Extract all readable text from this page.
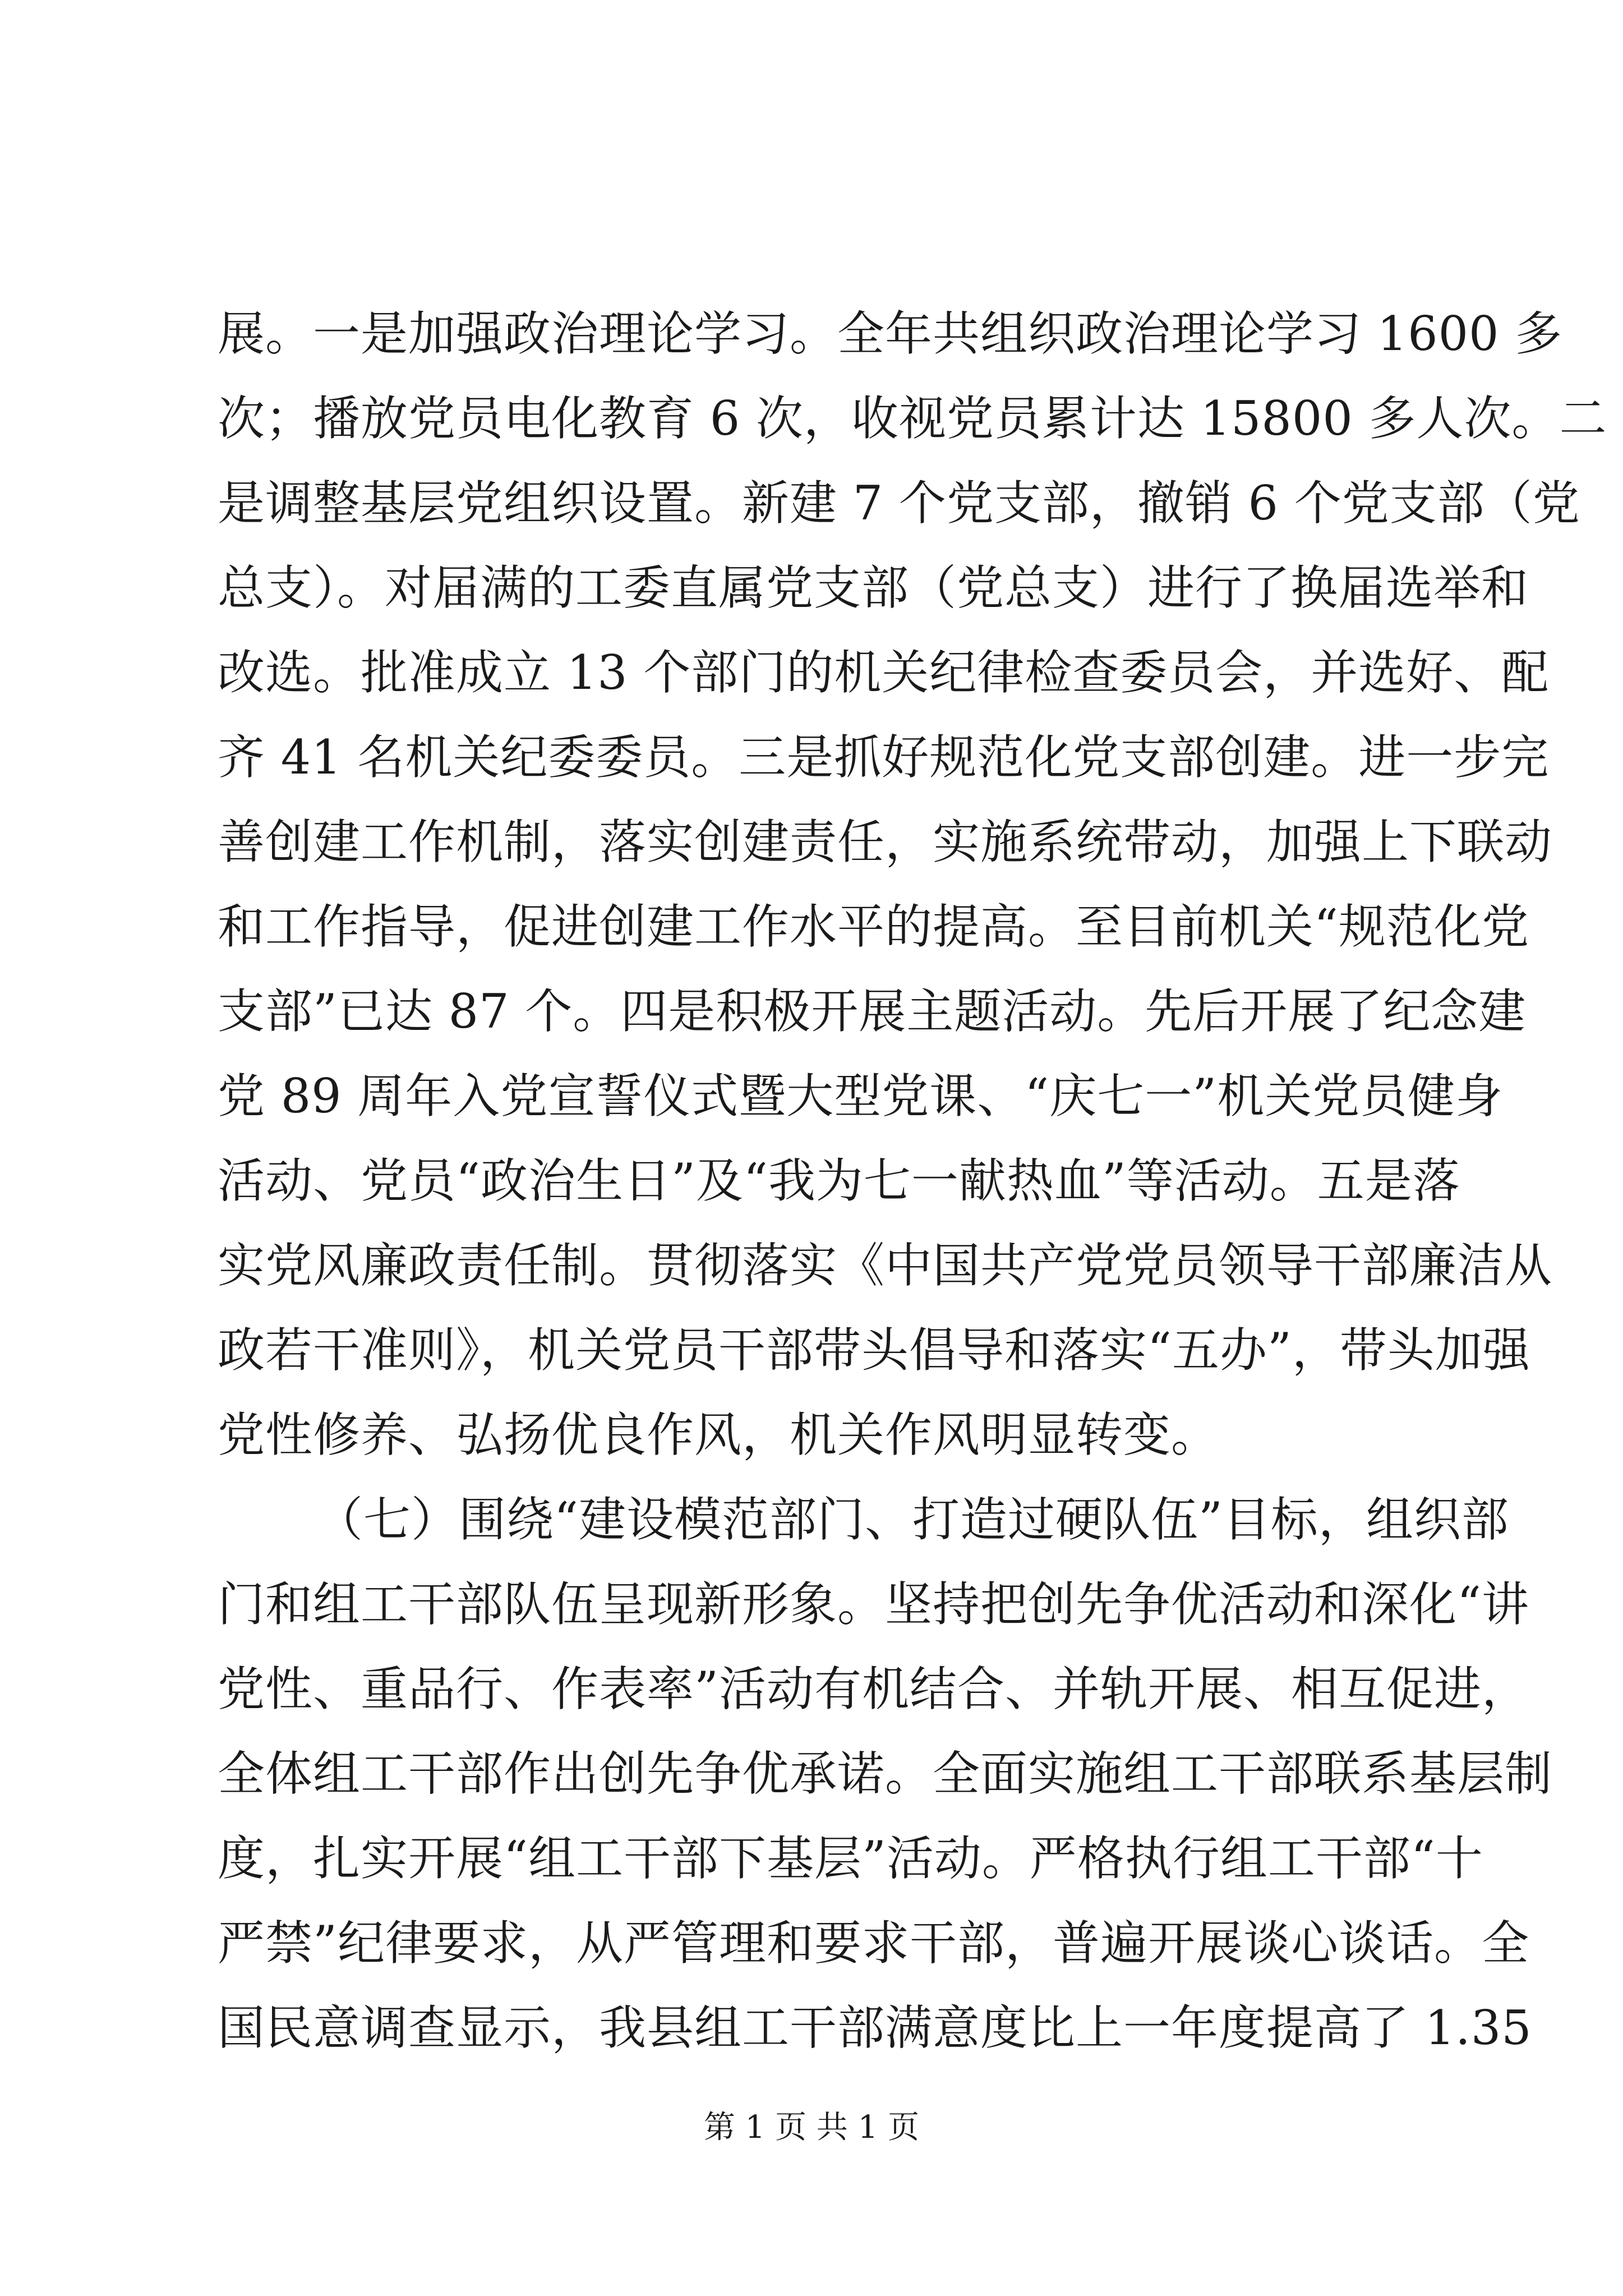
展。一是加强政治理论学习。全年共组织政治理论学习 1600 多
次；播放党员电化教育 6 次，收视党员累计达 15800 多人次。二
是调整基层党组织设置。新建 7 个党支部，撤销 6 个党支部（党
总支）。对届满的工委直属党支部（党总支）进行了换届选举和
改选。批准成立 13 个部门的机关纪律检查委员会，并选好、配
齐 41 名机关纪委委员。三是抓好规范化党支部创建。进一步完
善创建工作机制，落实创建责任，实施系统带动，加强上下联动
和工作指导，促进创建工作水平的提高。至目前机关“规范化党
支部”已达 87 个。四是积极开展主题活动。先后开展了纪念建
党 89 周年入党宣誓仪式暨大型党课、“庆七一”机关党员健身
活动、党员“政治生日”及“我为七一献热血”等活动。五是落
实党风廉政责任制。贯彻落实《中国共产党党员领导干部廉洁从
政若干准则》，机关党员干部带头倡导和落实“五办”，带头加强
党性修养、弘扬优良作风，机关作风明显转变。
（七）围绕“建设模范部门、打造过硬队伍”目标，组织部
门和组工干部队伍呈现新形象。坚持把创先争优活动和深化“讲
党性、重品行、作表率”活动有机结合、并轨开展、相互促进，
全体组工干部作出创先争优承诺。全面实施组工干部联系基层制
度，扎实开展“组工干部下基层”活动。严格执行组工干部“十
严禁”纪律要求，从严管理和要求干部，普遍开展谈心谈话。全
国民意调查显示，我县组工干部满意度比上一年度提高了 1.35
第 1 页 共 1 页
